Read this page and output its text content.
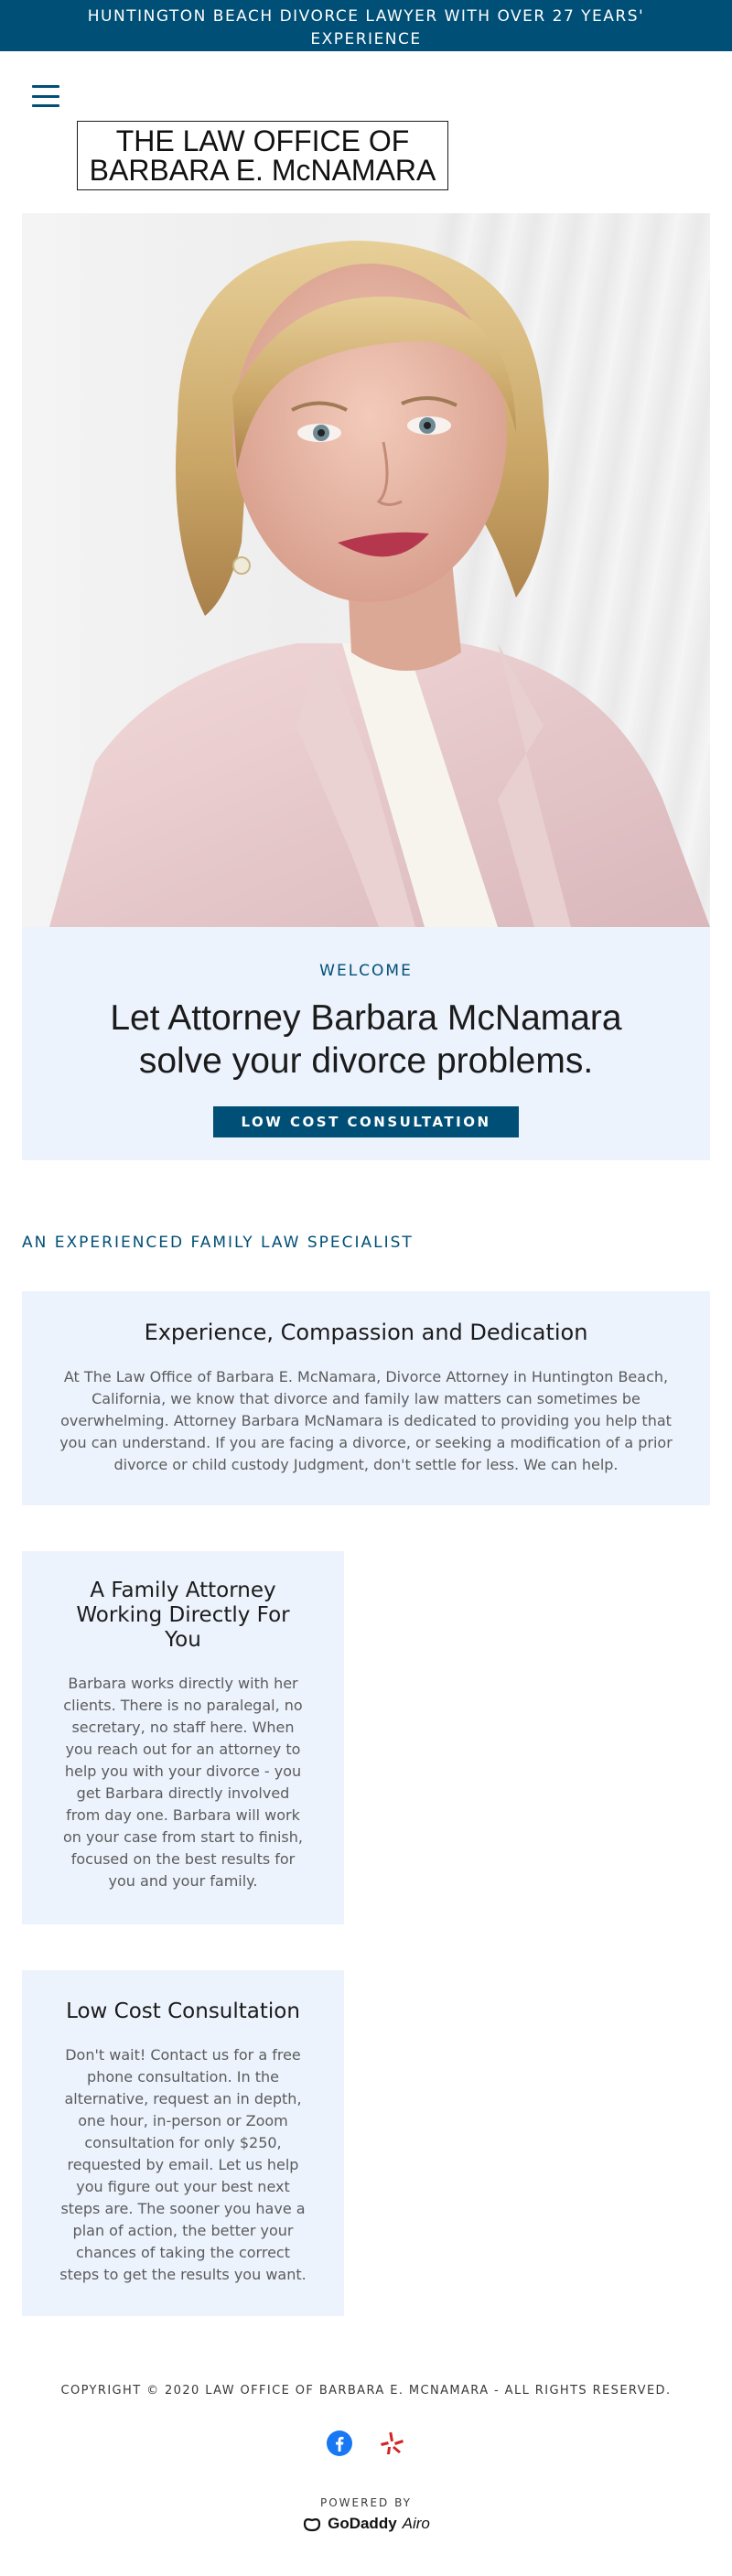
HUNTINGTON BEACH DIVORCE LAWYER WITH OVER 27 YEARS' EXPERIENCE
THE LAW OFFICE OF
BARBARA E. McNAMARA
WELCOME
Let Attorney Barbara McNamara
solve your divorce problems.
LOW COST CONSULTATION
AN EXPERIENCED FAMILY LAW SPECIALIST
Experience, Compassion and Dedication

At The Law Office of Barbara E. McNamara, Divorce Attorney in Huntington Beach, California, we know that divorce and family law matters can sometimes be overwhelming. Attorney Barbara McNamara is dedicated to providing you help that you can understand. If you are facing a divorce, or seeking a modification of a prior divorce or child custody Judgment, don't settle for less. We can help.

A Family Attorney Working Directly For You

Barbara works directly with her clients. There is no paralegal, no secretary, no staff here. When you reach out for an attorney to help you with your divorce - you get Barbara directly involved from day one. Barbara will work on your case from start to finish, focused on the best results for you and your family.

Low Cost Consultation

Don't wait! Contact us for a free phone consultation. In the alternative, request an in depth, one hour, in-person or Zoom consultation for only $250, requested by email. Let us help you figure out your best next steps are. The sooner you have a plan of action, the better your chances of taking the correct steps to get the results you want.

COPYRIGHT © 2020 LAW OFFICE OF BARBARA E. MCNAMARA - ALL RIGHTS RESERVED.
POWERED BY
GoDaddy Airo
